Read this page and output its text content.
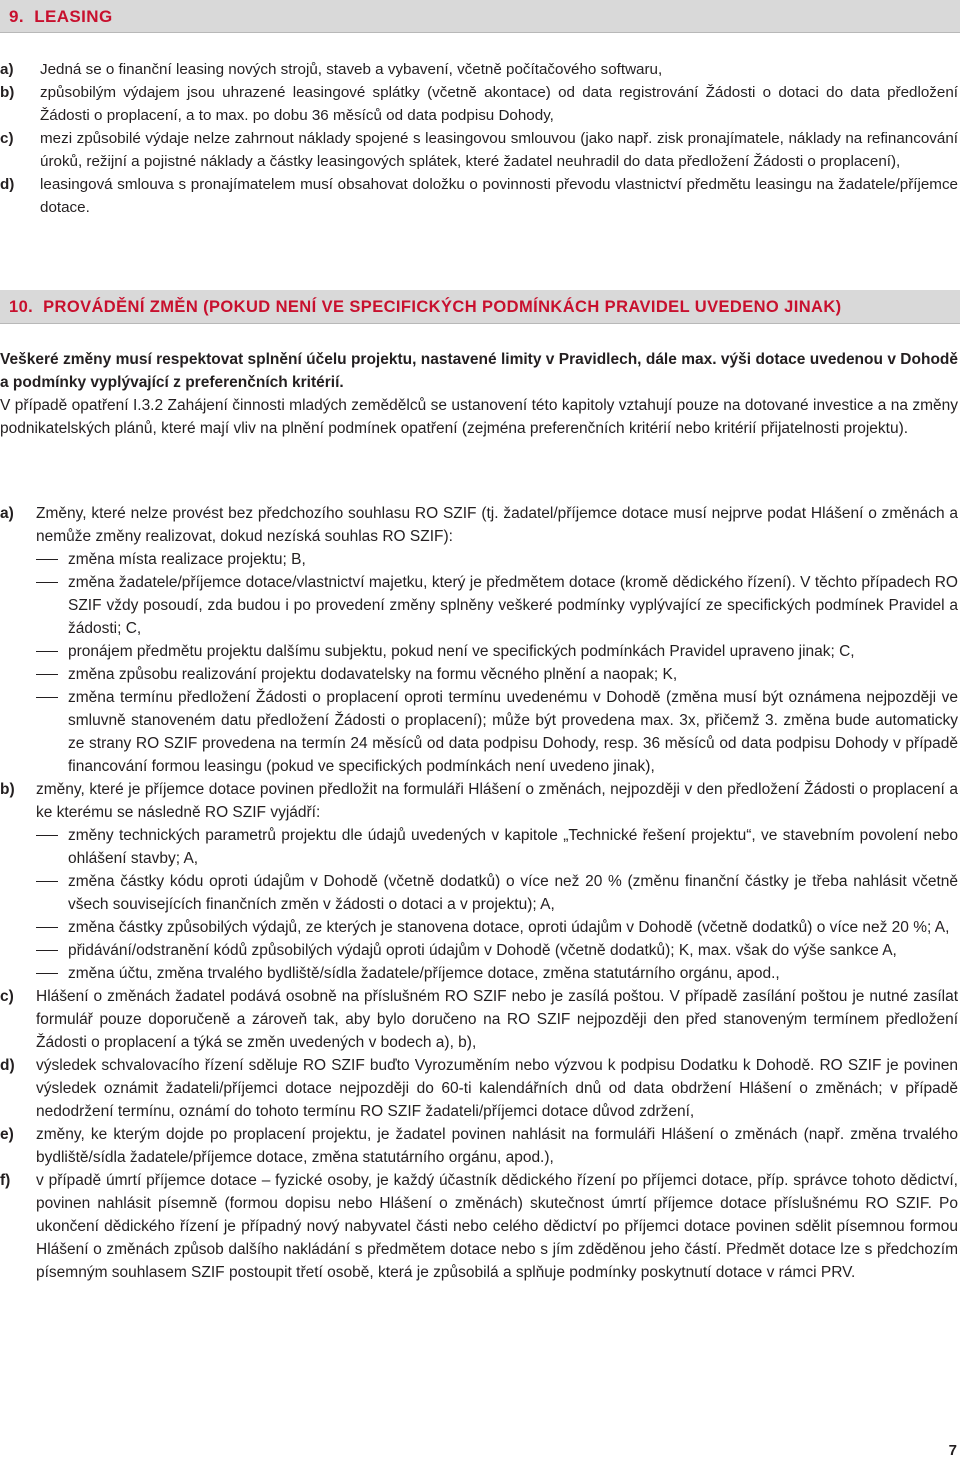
9. LEASING
a) Jedná se o finanční leasing nových strojů, staveb a vybavení, včetně počítačového softwaru,
b) způsobilým výdajem jsou uhrazené leasingové splátky (včetně akontace) od data registrování Žádosti o dotaci do data předložení Žádosti o proplacení, a to max. po dobu 36 měsíců od data podpisu Dohody,
c) mezi způsobilé výdaje nelze zahrnout náklady spojené s leasingovou smlouvou (jako např. zisk pronajímatele, náklady na refinancování úroků, režijní a pojistné náklady a částky leasingových splátek, které žadatel neuhradil do data předložení Žádosti o proplacení),
d) leasingová smlouva s pronajímatelem musí obsahovat doložku o povinnosti převodu vlastnictví předmětu leasingu na žadatele/příjemce dotace.
10. PROVÁDĚNÍ ZMĚN (POKUD NENÍ VE SPECIFICKÝCH PODMÍNKÁCH PRAVIDEL UVEDENO JINAK)

Veškeré změny musí respektovat splnění účelu projektu, nastavené limity v Pravidlech, dále max. výši dotace uvedenou v Dohodě a podmínky vyplývající z preferenčních kritérií.

V případě opatření I.3.2 Zahájení činnosti mladých zemědělců se ustanovení této kapitoly vztahují pouze na dotované investice a na změny podnikatelských plánů, které mají vliv na plnění podmínek opatření (zejména preferenčních kritérií nebo kritérií přijatelnosti projektu).

a) Změny, které nelze provést bez předchozího souhlasu RO SZIF (tj. žadatel/příjemce dotace musí nejprve podat Hlášení o změnách a nemůže změny realizovat, dokud nezíská souhlas RO SZIF):
změna místa realizace projektu; B,
změna žadatele/příjemce dotace/vlastnictví majetku, který je předmětem dotace (kromě dědického řízení). V těchto případech RO SZIF vždy posoudí, zda budou i po provedení změny splněny veškeré podmínky vyplývající ze specifických podmínek Pravidel a žádosti; C,
pronájem předmětu projektu dalšímu subjektu, pokud není ve specifických podmínkách Pravidel upraveno jinak; C,
změna způsobu realizování projektu dodavatelsky na formu věcného plnění a naopak; K,
změna termínu předložení Žádosti o proplacení oproti termínu uvedenému v Dohodě (změna musí být oznámena nejpozději ve smluvně stanoveném datu předložení Žádosti o proplacení); může být provedena max. 3x, přičemž 3. změna bude automaticky ze strany RO SZIF provedena na termín 24 měsíců od data podpisu Dohody, resp. 36 měsíců od data podpisu Dohody v případě financování formou leasingu (pokud ve specifických podmínkách není uvedeno jinak),
b) změny, které je příjemce dotace povinen předložit na formuláři Hlášení o změnách, nejpozději v den předložení Žádosti o proplacení a ke kterému se následně RO SZIF vyjádří:
změny technických parametrů projektu dle údajů uvedených v kapitole „Technické řešení projektu“, ve stavebním povolení nebo ohlášení stavby; A,
změna částky kódu oproti údajům v Dohodě (včetně dodatků) o více než 20 % (změnu finanční částky je třeba nahlásit včetně všech souvisejících finančních změn v žádosti o dotaci a v projektu); A,
změna částky způsobilých výdajů, ze kterých je stanovena dotace, oproti údajům v Dohodě (včetně dodatků) o více než 20 %; A,
přidávání/odstranění kódů způsobilých výdajů oproti údajům v Dohodě (včetně dodatků); K, max. však do výše sankce A,
změna účtu, změna trvalého bydliště/sídla žadatele/příjemce dotace, změna statutárního orgánu, apod.,
c) Hlášení o změnách žadatel podává osobně na příslušném RO SZIF nebo je zasílá poštou. V případě zasílání poštou je nutné zasílat formulář pouze doporučeně a zároveň tak, aby bylo doručeno na RO SZIF nejpozději den před stanoveným termínem předložení Žádosti o proplacení a týká se změn uvedených v bodech a), b),
d) výsledek schvalovacího řízení sděluje RO SZIF buďto Vyrozuměním nebo výzvou k podpisu Dodatku k Dohodě. RO SZIF je povinen výsledek oznámit žadateli/příjemci dotace nejpozději do 60-ti kalendářních dnů od data obdržení Hlášení o změnách; v případě nedodržení termínu, oznámí do tohoto termínu RO SZIF žadateli/příjemci dotace důvod zdržení,
e) změny, ke kterým dojde po proplacení projektu, je žadatel povinen nahlásit na formuláři Hlášení o změnách (např. změna trvalého bydliště/sídla žadatele/příjemce dotace, změna statutárního orgánu, apod.),
f) v případě úmrtí příjemce dotace – fyzické osoby, je každý účastník dědického řízení po příjemci dotace, příp. správce tohoto dědictví, povinen nahlásit písemně (formou dopisu nebo Hlášení o změnách) skutečnost úmrtí příjemce dotace příslušnému RO SZIF. Po ukončení dědického řízení je případný nový nabyvatel části nebo celého dědictví po příjemci dotace povinen sdělit písemnou formou Hlášení o změnách způsob dalšího nakládání s předmětem dotace nebo s jím zděděnou jeho částí. Předmět dotace lze s předchozím písemným souhlasem SZIF postoupit třetí osobě, která je způsobilá a splňuje podmínky poskytnutí dotace v rámci PRV.
7
